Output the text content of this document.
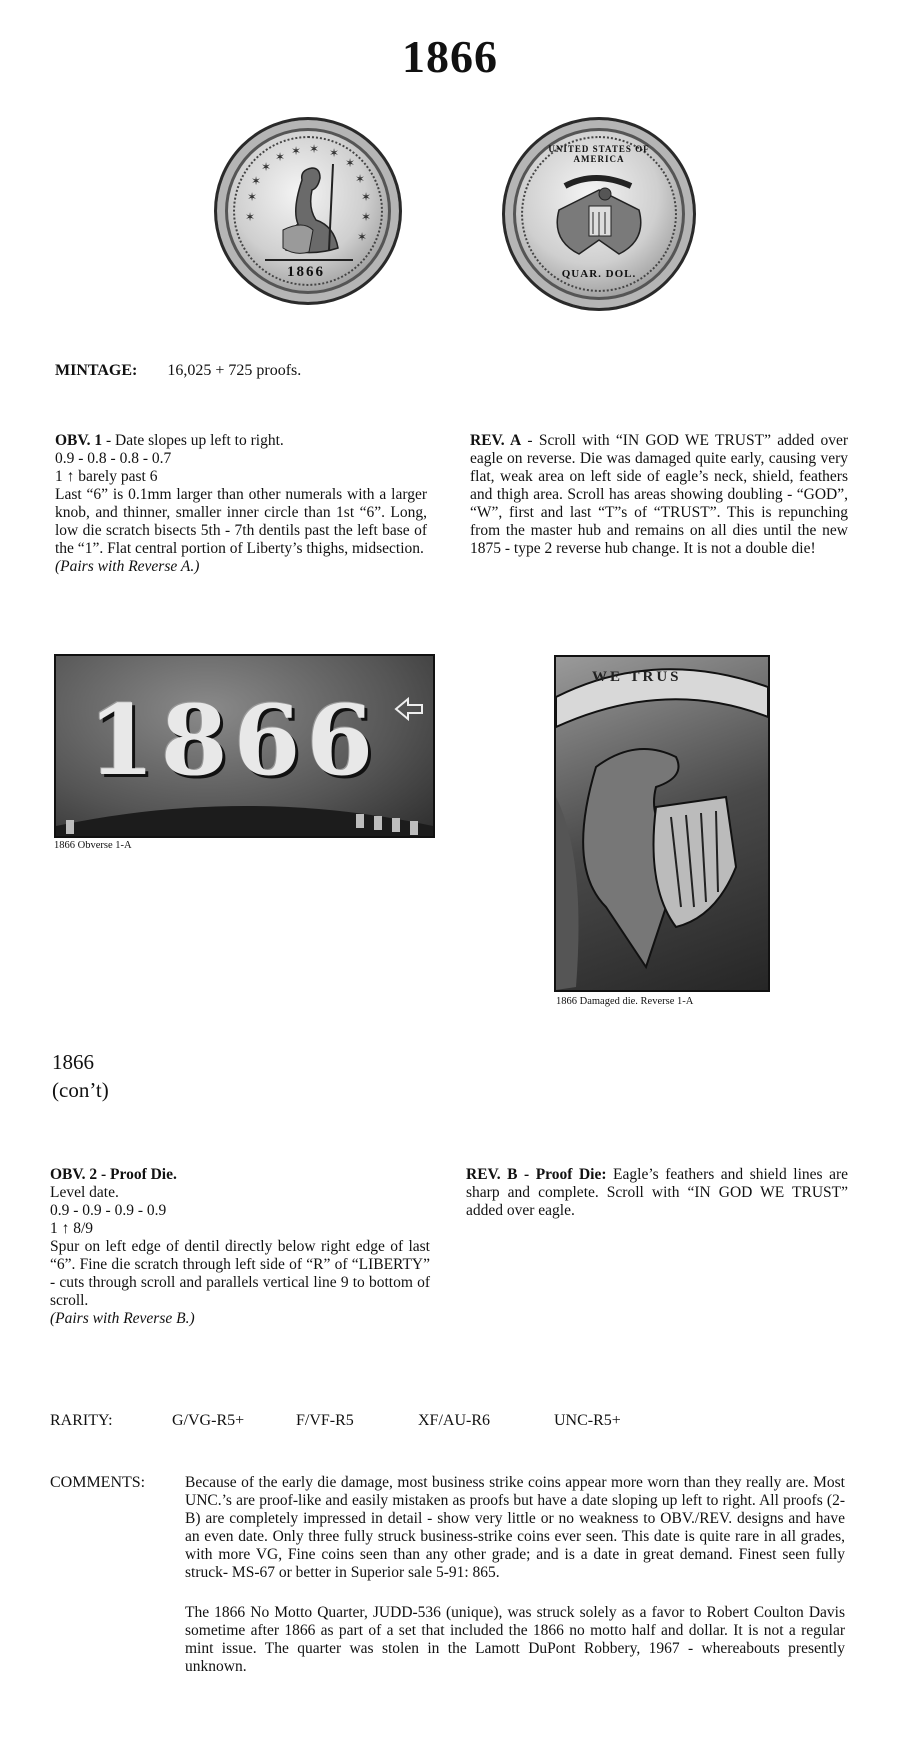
1866
✶
✶
✶
✶ ✶ ✶ ✶
✶
✶
✶
✶
✶
✶
1866
UNITED STATES OF AMERICA
QUAR. DOL.
MINTAGE: 16,025 + 725 proofs.
OBV. 1 - Date slopes up left to right.
0.9 - 0.8 - 0.8 - 0.7
1 ↑ barely past 6
Last “6” is 0.1mm larger than other numerals with a larger knob, and thinner, smaller inner circle than 1st “6”. Long, low die scratch bisects 5th - 7th dentils past the left base of the “1”. Flat central portion of Liberty’s thighs, midsection.
(Pairs with Reverse A.)
REV. A - Scroll with “IN GOD WE TRUST” added over eagle on reverse. Die was damaged quite early, causing very flat, weak area on left side of eagle’s neck, shield, feathers and thigh area. Scroll has areas showing doubling - “GOD”, “W”, first and last “T”s of “TRUST”. This is repunching from the master hub and remains on all dies until the new 1875 - type 2 reverse hub change. It is not a double die!
1866
1866 Obverse 1-A
WE TRUS
1866 Damaged die. Reverse 1-A
1866
(con’t)
OBV. 2 - Proof Die.
Level date.
0.9 - 0.9 - 0.9 - 0.9
1 ↑ 8/9
Spur on left edge of dentil directly below right edge of last “6”. Fine die scratch through left side of “R” of “LIBERTY” - cuts through scroll and parallels vertical line 9 to bottom of scroll.
(Pairs with Reverse B.)
REV. B - Proof Die: Eagle’s feathers and shield lines are sharp and complete. Scroll with “IN GOD WE TRUST” added over eagle.
RARITY:	G/VG-R5+	F/VF-R5	XF/AU-R6	UNC-R5+
COMMENTS:	Because of the early die damage, most business strike coins appear more worn than they really are. Most UNC.’s are proof-like and easily mistaken as proofs but have a date sloping up left to right. All proofs (2-B) are completely impressed in detail - show very little or no weakness to OBV./REV. designs and have an even date. Only three fully struck business-strike coins ever seen. This date is quite rare in all grades, with more VG, Fine coins seen than any other grade; and is a date in great demand. Finest seen fully struck- MS-67 or better in Superior sale 5-91: 865.

The 1866 No Motto Quarter, JUDD-536 (unique), was struck solely as a favor to Robert Coulton Davis sometime after 1866 as part of a set that included the 1866 no motto half and dollar. It is not a regular mint issue. The quarter was stolen in the Lamott DuPont Robbery, 1967 - whereabouts presently unknown.
